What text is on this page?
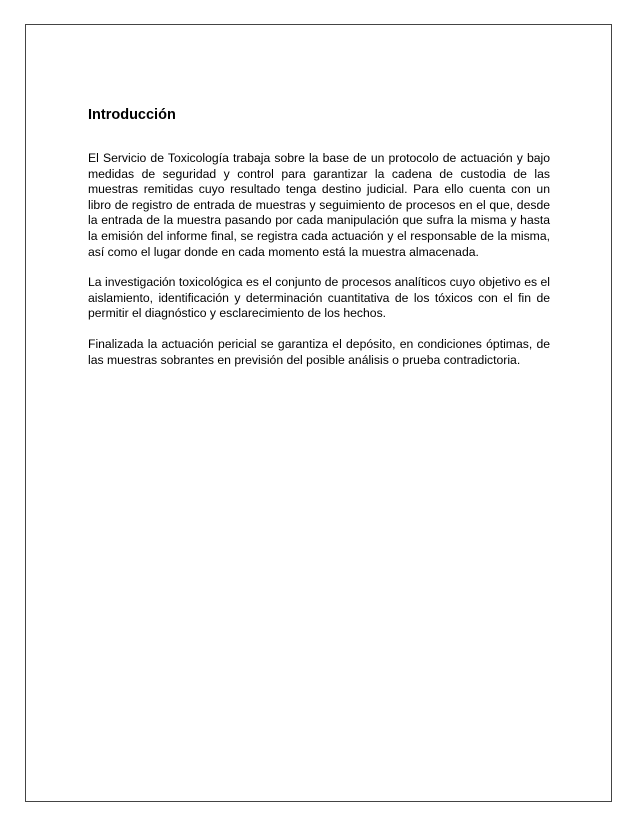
Introducción

El Servicio de Toxicología trabaja sobre la base de un protocolo de actuación y bajo medidas de seguridad y control para garantizar la cadena de custodia de las muestras remitidas cuyo resultado tenga destino judicial. Para ello cuenta con un libro de registro de entrada de muestras y seguimiento de procesos en el que, desde la entrada de la muestra pasando por cada manipulación que sufra la misma y hasta la emisión del informe final, se registra cada actuación y el responsable de la misma, así como el lugar donde en cada momento está la muestra almacenada.

La investigación toxicológica es el conjunto de procesos analíticos cuyo objetivo es el aislamiento, identificación y determinación cuantitativa de los tóxicos con el fin de permitir el diagnóstico y esclarecimiento de los hechos.

Finalizada la actuación pericial se garantiza el depósito, en condiciones óptimas, de las muestras sobrantes en previsión del posible análisis o prueba contradictoria.
